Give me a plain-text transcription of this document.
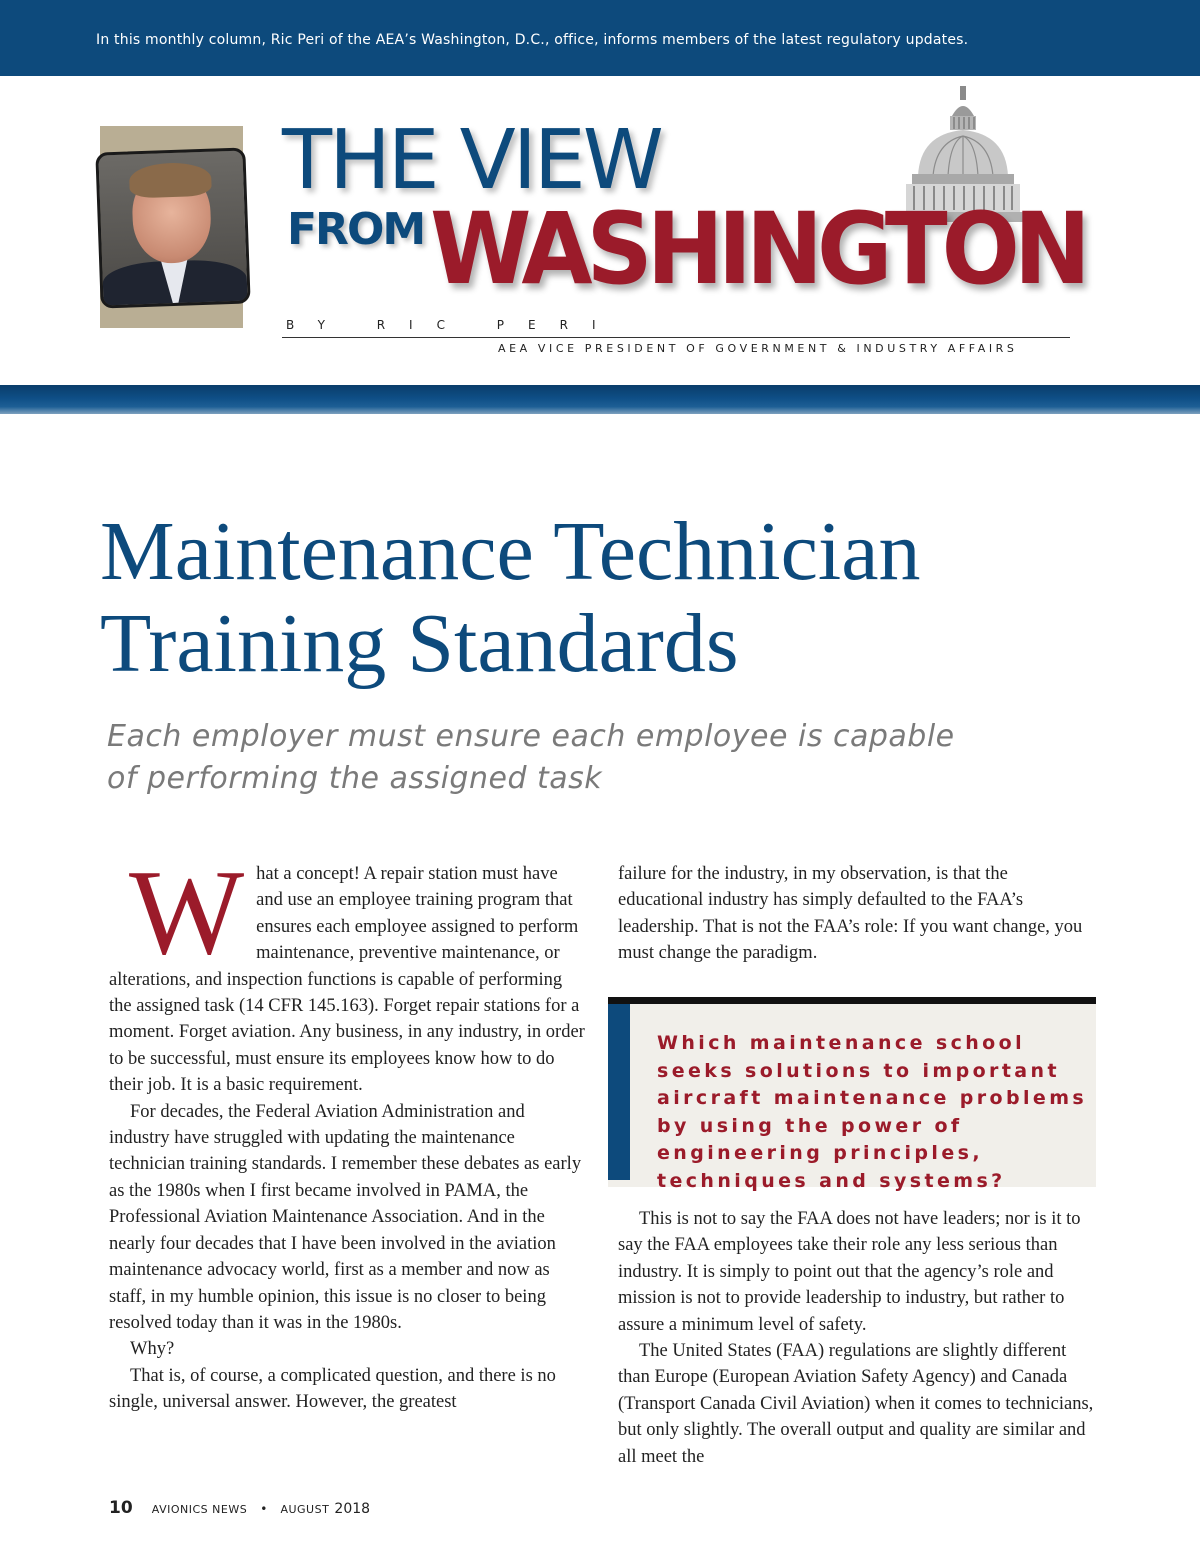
In this monthly column, Ric Peri of the AEA’s Washington, D.C., office, informs members of the latest regulatory updates.
THE VIEW
FROM WASHINGTON
BY RIC PERI
AEA VICE PRESIDENT OF GOVERNMENT & INDUSTRY AFFAIRS
Maintenance Technician
Training Standards

Each employer must ensure each employee is capable
of performing the assigned task

W hat a concept! A repair station must have and use an employee training program that ensures each employee assigned to perform maintenance, preventive maintenance, or alterations, and inspection functions is capable of performing the assigned task (14 CFR 145.163). Forget repair stations for a moment. Forget aviation. Any business, in any industry, in order to be successful, must ensure its employees know how to do their job. It is a basic requirement.

For decades, the Federal Aviation Administration and industry have struggled with updating the maintenance technician training standards. I remember these debates as early as the 1980s when I first became involved in PAMA, the Professional Aviation Maintenance Association. And in the nearly four decades that I have been involved in the aviation maintenance advocacy world, first as a member and now as staff, in my humble opinion, this issue is no closer to being resolved today than it was in the 1980s.

Why?

That is, of course, a complicated question, and there is no single, universal answer. However, the greatest

failure for the industry, in my observation, is that the educational industry has simply defaulted to the FAA’s leadership. That is not the FAA’s role: If you want change, you must change the paradigm.

Which maintenance school seeks solutions to important aircraft maintenance problems by using the power of engineering principles, techniques and systems?

This is not to say the FAA does not have leaders; nor is it to say the FAA employees take their role any less serious than industry. It is simply to point out that the agency’s role and mission is not to provide leadership to industry, but rather to assure a minimum level of safety.

The United States (FAA) regulations are slightly different than Europe (European Aviation Safety Agency) and Canada (Transport Canada Civil Aviation) when it comes to technicians, but only slightly. The overall output and quality are similar and all meet the

10 AVIONICS NEWS • AUGUST 2018
